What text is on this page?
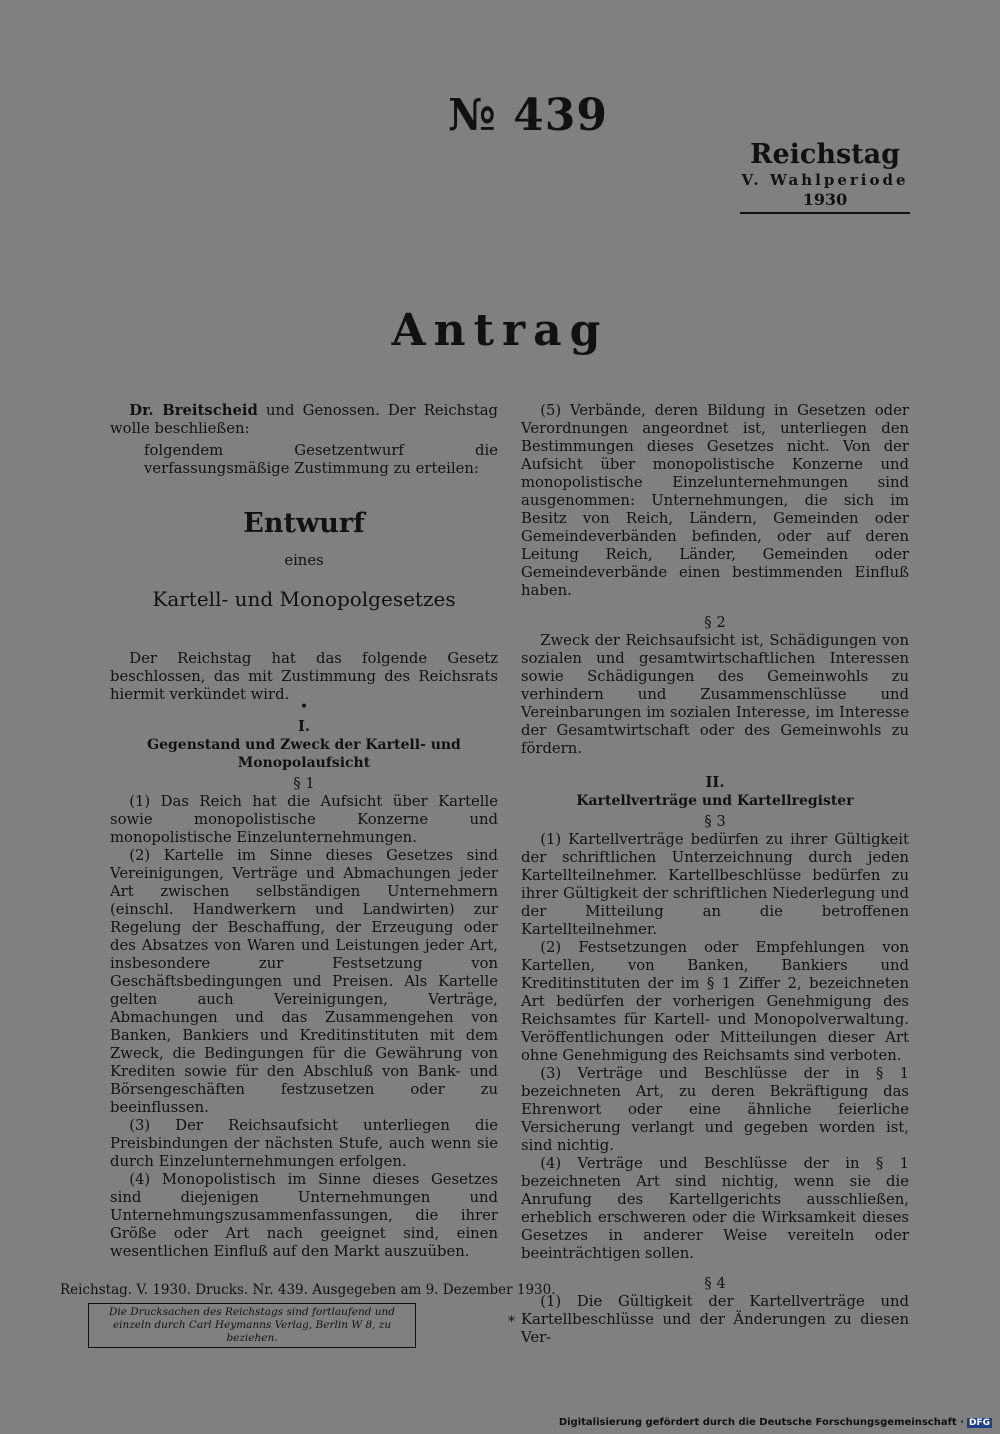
№ 439
Reichstag
V. Wahlperiode
1930
Antrag

Dr. Breitscheid und Genossen. Der Reichstag wolle beschließen:

folgendem Gesetzentwurf die verfassungsmäßige Zustimmung zu erteilen:

Entwurf

eines

Kartell- und Monopolgesetzes

Der Reichstag hat das folgende Gesetz beschlossen, das mit Zustimmung des Reichsrats hiermit verkündet wird.

•

I.

Gegenstand und Zweck der Kartell- und Monopolaufsicht

§ 1

(1) Das Reich hat die Aufsicht über Kartelle sowie monopolistische Konzerne und monopolistische Einzelunternehmungen.

(2) Kartelle im Sinne dieses Gesetzes sind Vereinigungen, Verträge und Abmachungen jeder Art zwischen selbständigen Unternehmern (einschl. Handwerkern und Landwirten) zur Regelung der Beschaffung, der Erzeugung oder des Absatzes von Waren und Leistungen jeder Art, insbesondere zur Festsetzung von Geschäftsbedingungen und Preisen. Als Kartelle gelten auch Vereinigungen, Verträge, Abmachungen und das Zusammengehen von Banken, Bankiers und Kreditinstituten mit dem Zweck, die Bedingungen für die Gewährung von Krediten sowie für den Abschluß von Bank- und Börsengeschäften festzusetzen oder zu beeinflussen.

(3) Der Reichsaufsicht unterliegen die Preisbindungen der nächsten Stufe, auch wenn sie durch Einzelunternehmungen erfolgen.

(4) Monopolistisch im Sinne dieses Gesetzes sind diejenigen Unternehmungen und Unternehmungszusammenfassungen, die ihrer Größe oder Art nach geeignet sind, einen wesentlichen Einfluß auf den Markt auszuüben.

(5) Verbände, deren Bildung in Gesetzen oder Verordnungen angeordnet ist, unterliegen den Bestimmungen dieses Gesetzes nicht. Von der Aufsicht über monopolistische Konzerne und monopolistische Einzelunternehmungen sind ausgenommen: Unternehmungen, die sich im Besitz von Reich, Ländern, Gemeinden oder Gemeindeverbänden befinden, oder auf deren Leitung Reich, Länder, Gemeinden oder Gemeindeverbände einen bestimmenden Einfluß haben.

§ 2

Zweck der Reichsaufsicht ist, Schädigungen von sozialen und gesamtwirtschaftlichen Interessen sowie Schädigungen des Gemeinwohls zu verhindern und Zusammenschlüsse und Vereinbarungen im sozialen Interesse, im Interesse der Gesamtwirtschaft oder des Gemeinwohls zu fördern.

II.

Kartellverträge und Kartellregister

§ 3

(1) Kartellverträge bedürfen zu ihrer Gültigkeit der schriftlichen Unterzeichnung durch jeden Kartellteilnehmer. Kartellbeschlüsse bedürfen zu ihrer Gültigkeit der schriftlichen Niederlegung und der Mitteilung an die betroffenen Kartellteilnehmer.

(2) Festsetzungen oder Empfehlungen von Kartellen, von Banken, Bankiers und Kreditinstituten der im § 1 Ziffer 2, bezeichneten Art bedürfen der vorherigen Genehmigung des Reichsamtes für Kartell- und Monopolverwaltung. Veröffentlichungen oder Mitteilungen dieser Art ohne Genehmigung des Reichsamts sind verboten.

(3) Verträge und Beschlüsse der in § 1 bezeichneten Art, zu deren Bekräftigung das Ehrenwort oder eine ähnliche feierliche Versicherung verlangt und gegeben worden ist, sind nichtig.

(4) Verträge und Beschlüsse der in § 1 bezeichneten Art sind nichtig, wenn sie die Anrufung des Kartellgerichts ausschließen, erheblich erschweren oder die Wirksamkeit dieses Gesetzes in anderer Weise vereiteln oder beeinträchtigen sollen.

§ 4

(1) Die Gültigkeit der Kartellverträge und Kartellbeschlüsse und der Änderungen zu diesen Ver-

Reichstag. V. 1930. Drucks. Nr. 439. Ausgegeben am 9. Dezember 1930.
Die Drucksachen des Reichstags sind fortlaufend und einzeln durch Carl Heymanns Verlag, Berlin W 8, zu beziehen.
*
Digitalisierung gefördert durch die Deutsche Forschungsgemeinschaft · DFG
